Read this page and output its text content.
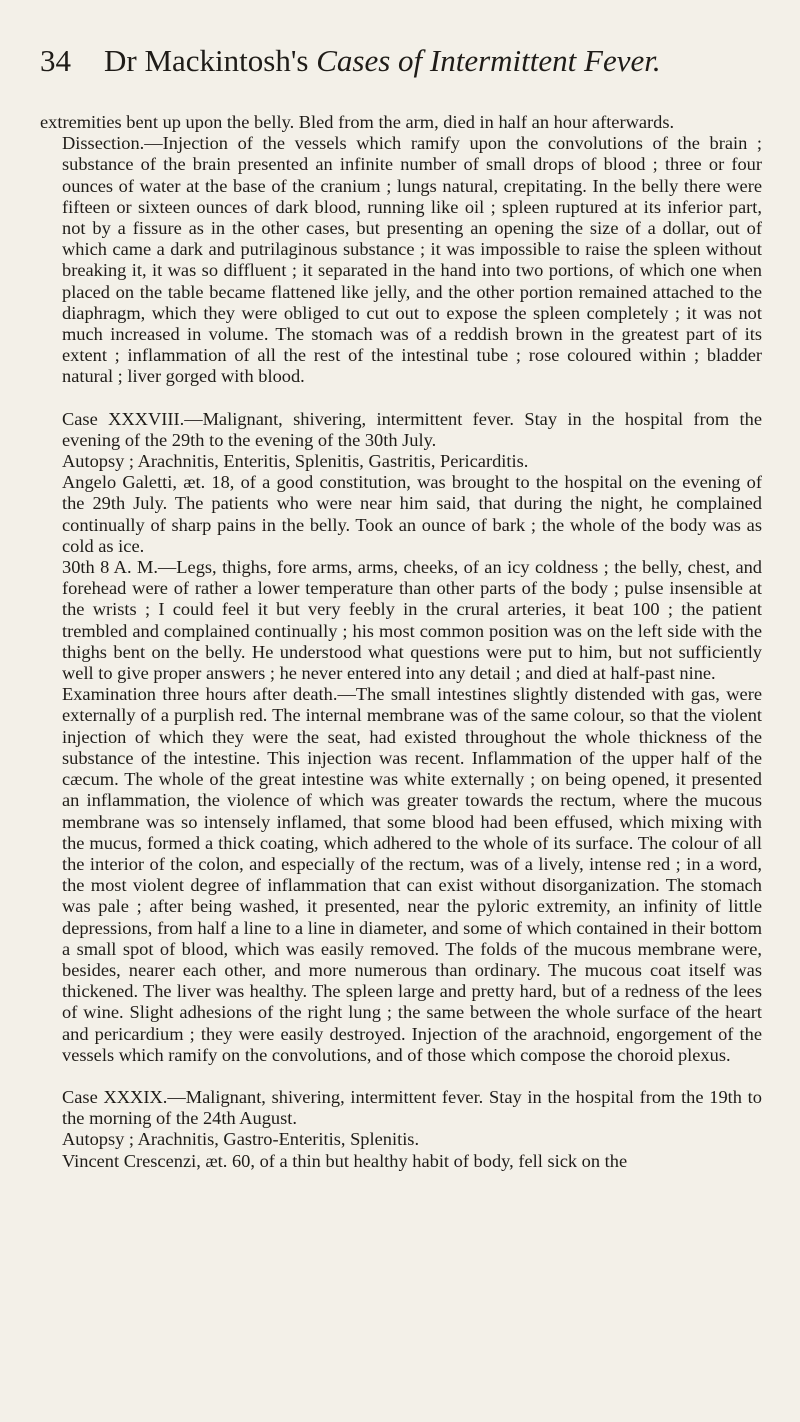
34 Dr Mackintosh's Cases of Intermittent Fever.

extremities bent up upon the belly. Bled from the arm, died in half an hour afterwards.

Dissection.—Injection of the vessels which ramify upon the convolutions of the brain ; substance of the brain presented an infinite number of small drops of blood ; three or four ounces of water at the base of the cranium ; lungs natural, crepitating. In the belly there were fifteen or sixteen ounces of dark blood, running like oil ; spleen ruptured at its inferior part, not by a fissure as in the other cases, but presenting an opening the size of a dollar, out of which came a dark and putrilaginous substance ; it was impossible to raise the spleen without breaking it, it was so diffluent ; it separated in the hand into two portions, of which one when placed on the table became flattened like jelly, and the other portion remained attached to the diaphragm, which they were obliged to cut out to expose the spleen completely ; it was not much increased in volume. The stomach was of a reddish brown in the greatest part of its extent ; inflammation of all the rest of the intestinal tube ; rose coloured within ; bladder natural ; liver gorged with blood.

Case XXXVIII.—Malignant, shivering, intermittent fever. Stay in the hospital from the evening of the 29th to the evening of the 30th July.

Autopsy ; Arachnitis, Enteritis, Splenitis, Gastritis, Pericarditis.

Angelo Galetti, æt. 18, of a good constitution, was brought to the hospital on the evening of the 29th July. The patients who were near him said, that during the night, he complained continually of sharp pains in the belly. Took an ounce of bark ; the whole of the body was as cold as ice.

30th 8 A. M.—Legs, thighs, fore arms, arms, cheeks, of an icy coldness ; the belly, chest, and forehead were of rather a lower temperature than other parts of the body ; pulse insensible at the wrists ; I could feel it but very feebly in the crural arteries, it beat 100 ; the patient trembled and complained continually ; his most common position was on the left side with the thighs bent on the belly. He understood what questions were put to him, but not sufficiently well to give proper answers ; he never entered into any detail ; and died at half-past nine.

Examination three hours after death.—The small intestines slightly distended with gas, were externally of a purplish red. The internal membrane was of the same colour, so that the violent injection of which they were the seat, had existed throughout the whole thickness of the substance of the intestine. This injection was recent. Inflammation of the upper half of the cæcum. The whole of the great intestine was white externally ; on being opened, it presented an inflammation, the violence of which was greater towards the rectum, where the mucous membrane was so intensely inflamed, that some blood had been effused, which mixing with the mucus, formed a thick coating, which adhered to the whole of its surface. The colour of all the interior of the colon, and especially of the rectum, was of a lively, intense red ; in a word, the most violent degree of inflammation that can exist without disorganization. The stomach was pale ; after being washed, it presented, near the pyloric extremity, an infinity of little depressions, from half a line to a line in diameter, and some of which contained in their bottom a small spot of blood, which was easily removed. The folds of the mucous membrane were, besides, nearer each other, and more numerous than ordinary. The mucous coat itself was thickened. The liver was healthy. The spleen large and pretty hard, but of a redness of the lees of wine. Slight adhesions of the right lung ; the same between the whole surface of the heart and pericardium ; they were easily destroyed. Injection of the arachnoid, engorgement of the vessels which ramify on the convolutions, and of those which compose the choroid plexus.

Case XXXIX.—Malignant, shivering, intermittent fever. Stay in the hospital from the 19th to the morning of the 24th August.

Autopsy ; Arachnitis, Gastro-Enteritis, Splenitis.

Vincent Crescenzi, æt. 60, of a thin but healthy habit of body, fell sick on the
